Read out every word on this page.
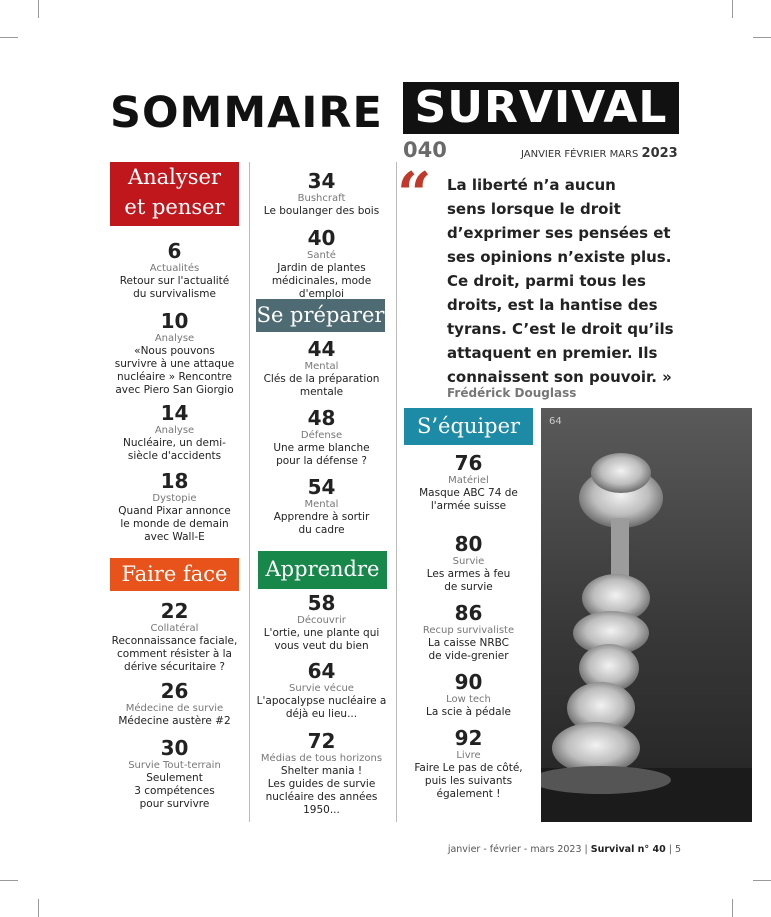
SOMMAIRE SURVIVAL
040	JANVIER FÉVRIER MARS 2023
Analyser
et penser
Faire face
Se préparer
Apprendre
S’équiper
“ La liberté n’a aucun
sens lorsque le droit
d’exprimer ses pensées et
ses opinions n’existe plus.
Ce droit, parmi tous les
droits, est la hantise des
tyrans. C’est le droit qu’ils
attaquent en premier. Ils
connaissent son pouvoir. »
Frédérick Douglass
64
6
Actualités
Retour sur l'actualité
du survivalisme
10
Analyse
«Nous pouvons
survivre à une attaque
nucléaire » Rencontre
avec Piero San Giorgio
14
Analyse
Nucléaire, un demi-
siècle d'accidents
18
Dystopie
Quand Pixar annonce
le monde de demain
avec Wall-E
22
Collatéral
Reconnaissance faciale,
comment résister à la
dérive sécuritaire ?
26
Médecine de survie
Médecine austère #2
30
Survie Tout-terrain
Seulement
3 compétences
pour survivre
34
Bushcraft
Le boulanger des bois
40
Santé
Jardin de plantes
médicinales, mode
d'emploi
44
Mental
Clés de la préparation
mentale
48
Défense
Une arme blanche
pour la défense ?
54
Mental
Apprendre à sortir
du cadre
58
Découvrir
L'ortie, une plante qui
vous veut du bien
64
Survie vécue
L'apocalypse nucléaire a
déjà eu lieu...
72
Médias de tous horizons
Shelter mania !
Les guides de survie
nucléaire des années
1950...
76
Matériel
Masque ABC 74 de
l'armée suisse
80
Survie
Les armes à feu
de survie
86
Recup survivaliste
La caisse NRBC
de vide-grenier
90
Low tech
La scie à pédale
92
Livre
Faire Le pas de côté,
puis les suivants
également !
janvier - février - mars 2023 | Survival n° 40 | 5
